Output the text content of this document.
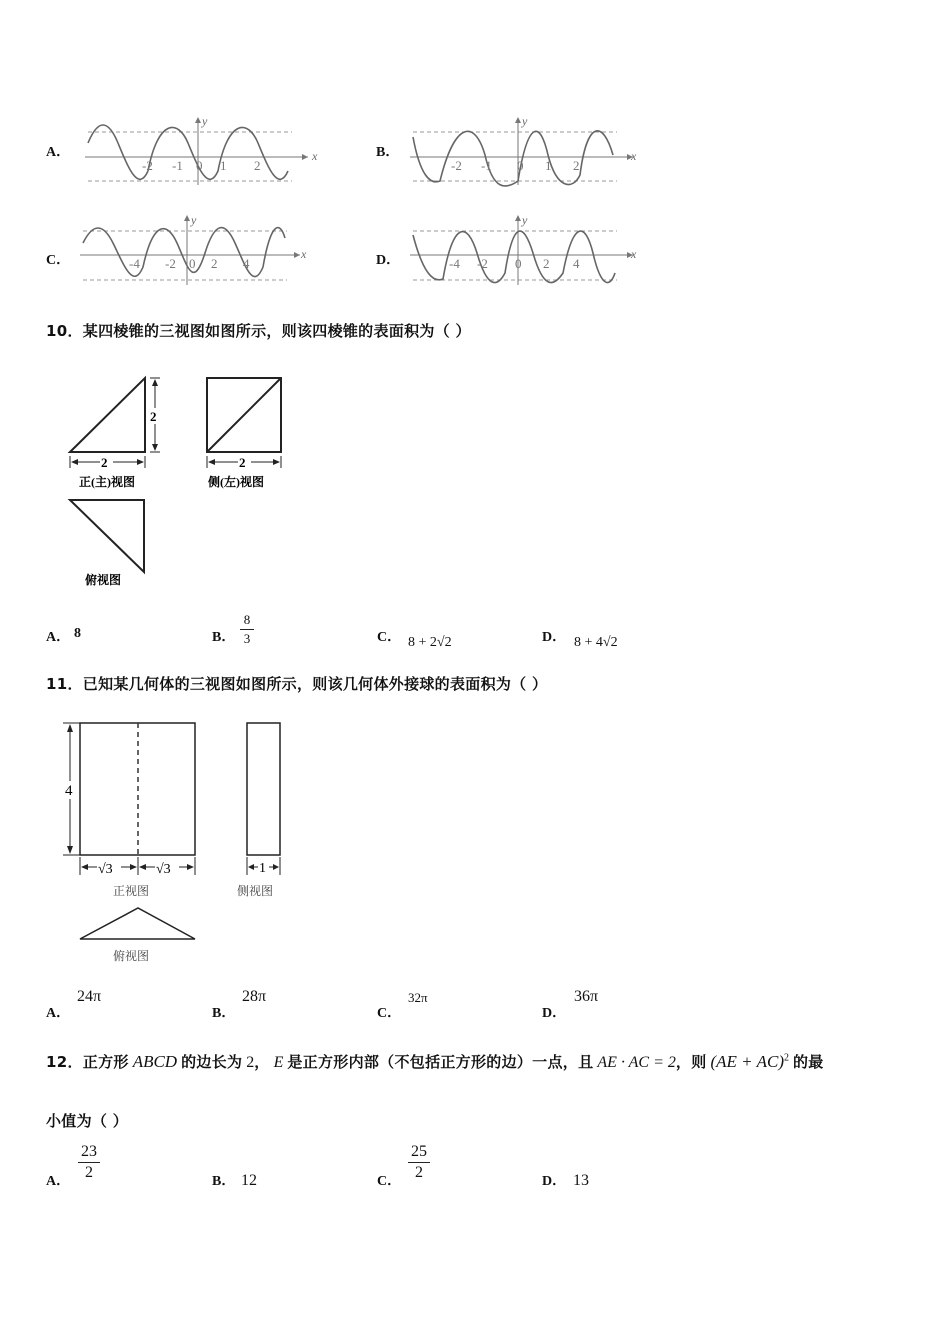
A．	x
y
-2 -1 0 1 2
B．	x
y
-2 -1 0 1 2
C．	x
y
-4 -2 0 2 4	D．	x
y
-4 -2 0 2 4
10．某四棱锥的三视图如图所示，则该四棱锥的表面积为（ ）
2
2
正(主)视图
2
侧(左)视图
俯视图
A． 8	B．
8
3	C． 8 + 2√2	D． 8 + 4√2
11．已知某几何体的三视图如图所示，则该几何体外接球的表面积为（ ）
4
√3	√3
正视图
1
侧视图
俯视图
A．
24π
B．
28π
C．
32π
D．
36π
12．正方形 ABCD 的边长为 2， E 是正方形内部（不包括正方形的边）一点，且 AE · AC = 2，则 (AE + AC)$^2$ 的最
小值为（ ）
A．
23
2
B． 12	C．
25
2
D． 13
